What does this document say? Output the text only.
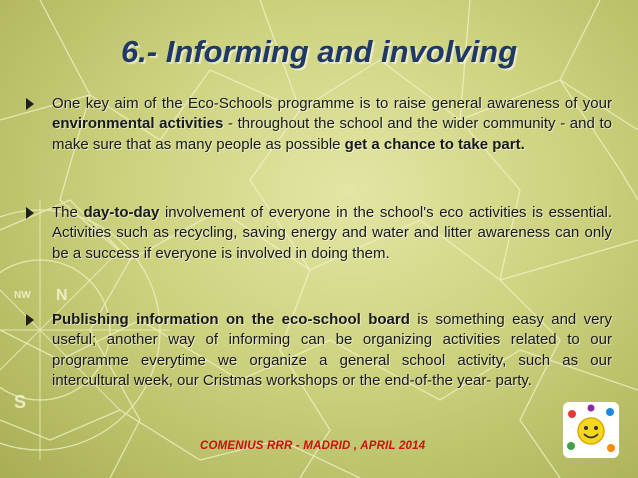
NW N
S
6.- Informing and involving
One key aim of the Eco-Schools programme is to raise general awareness of your environmental activities - throughout the school and the wider community - and to make sure that as many people as possible get a chance to take part.
The day-to-day involvement of everyone in the school's eco activities is essential. Activities such as recycling, saving energy and water and litter awareness can only be a success if everyone is involved in doing them.
Publishing information on the eco-school board is something easy and very useful; another way of informing can be organizing activities related to our programme everytime we organize a general school activity, such as our intercultural week, our Cristmas workshops or the end-of-the year- party.
COMENIUS RRR - MADRID , APRIL 2014
